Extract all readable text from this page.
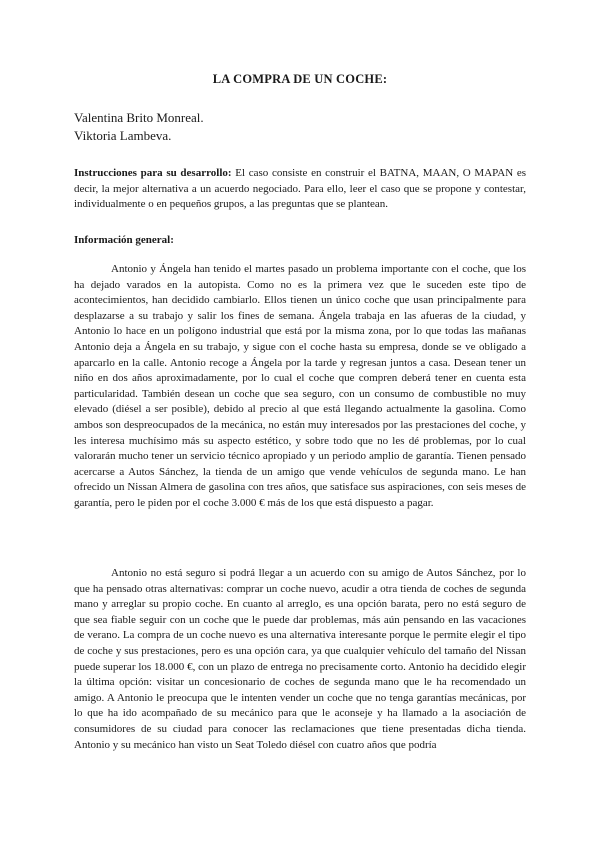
LA COMPRA DE UN COCHE:
Valentina Brito Monreal.
Viktoria Lambeva.
Instrucciones para su desarrollo: El caso consiste en construir el BATNA, MAAN, O MAPAN es decir, la mejor alternativa a un acuerdo negociado. Para ello, leer el caso que se propone y contestar, individualmente o en pequeños grupos, a las preguntas que se plantean.
Información general:

Antonio y Ángela han tenido el martes pasado un problema importante con el coche, que los ha dejado varados en la autopista. Como no es la primera vez que le suceden este tipo de acontecimientos, han decidido cambiarlo. Ellos tienen un único coche que usan principalmente para desplazarse a su trabajo y salir los fines de semana. Ángela trabaja en las afueras de la ciudad, y Antonio lo hace en un polígono industrial que está por la misma zona, por lo que todas las mañanas Antonio deja a Ángela en su trabajo, y sigue con el coche hasta su empresa, donde se ve obligado a aparcarlo en la calle. Antonio recoge a Ángela por la tarde y regresan juntos a casa. Desean tener un niño en dos años aproximadamente, por lo cual el coche que compren deberá tener en cuenta esta particularidad. También desean un coche que sea seguro, con un consumo de combustible no muy elevado (diésel a ser posible), debido al precio al que está llegando actualmente la gasolina. Como ambos son despreocupados de la mecánica, no están muy interesados por las prestaciones del coche, y les interesa muchísimo más su aspecto estético, y sobre todo que no les dé problemas, por lo cual valorarán mucho tener un servicio técnico apropiado y un periodo amplio de garantía. Tienen pensado acercarse a Autos Sánchez, la tienda de un amigo que vende vehículos de segunda mano. Le han ofrecido un Nissan Almera de gasolina con tres años, que satisface sus aspiraciones, con seis meses de garantía, pero le piden por el coche 3.000 € más de los que está dispuesto a pagar.

Antonio no está seguro si podrá llegar a un acuerdo con su amigo de Autos Sánchez, por lo que ha pensado otras alternativas: comprar un coche nuevo, acudir a otra tienda de coches de segunda mano y arreglar su propio coche. En cuanto al arreglo, es una opción barata, pero no está seguro de que sea fiable seguir con un coche que le puede dar problemas, más aún pensando en las vacaciones de verano. La compra de un coche nuevo es una alternativa interesante porque le permite elegir el tipo de coche y sus prestaciones, pero es una opción cara, ya que cualquier vehículo del tamaño del Nissan puede superar los 18.000 €, con un plazo de entrega no precisamente corto. Antonio ha decidido elegir la última opción: visitar un concesionario de coches de segunda mano que le ha recomendado un amigo. A Antonio le preocupa que le intenten vender un coche que no tenga garantías mecánicas, por lo que ha ido acompañado de su mecánico para que le aconseje y ha llamado a la asociación de consumidores de su ciudad para conocer las reclamaciones que tiene presentadas dicha tienda. Antonio y su mecánico han visto un Seat Toledo diésel con cuatro años que podría
